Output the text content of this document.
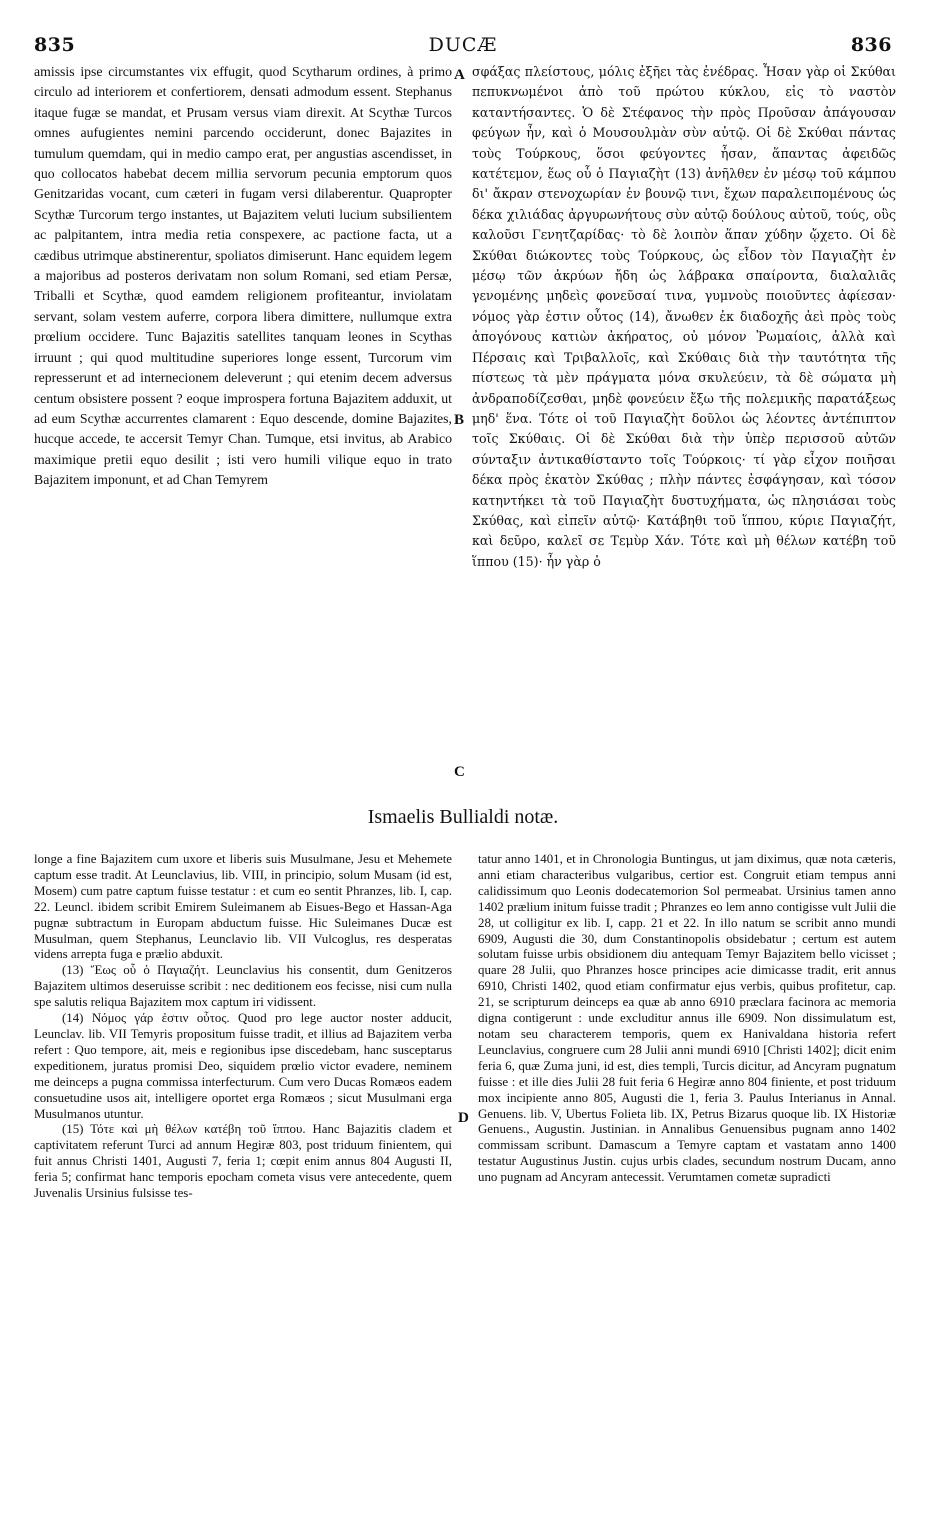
835	DUCÆ	836

amissis ipse circumstantes vix effugit, quod Scytharum ordines, à primo circulo ad interiorem et confertiorem, densati admodum essent. Stephanus itaque fugæ se mandat, et Prusam versus viam direxit. At Scythæ Turcos omnes aufugientes nemini parcendo occiderunt, donec Bajazites in tumulum quemdam, qui in medio campo erat, per angustias ascendisset, in quo collocatos habebat decem millia servorum pecunia emptorum quos Genitzaridas vocant, cum cæteri in fugam versi dilaberentur. Quapropter Scythæ Turcorum tergo instantes, ut Bajazitem veluti lucium subsilientem ac palpitantem, intra media retia conspexere, ac pactione facta, ut a cædibus utrimque abstinerentur, spoliatos dimiserunt. Hanc equidem legem a majoribus ad posteros derivatam non solum Romani, sed etiam Persæ, Triballi et Scythæ, quod eamdem religionem profiteantur, inviolatam servant, solam vestem auferre, corpora libera dimittere, nullumque extra prœlium occidere. Tunc Bajazitis satellites tanquam leones in Scythas irruunt ; qui quod multitudine superiores longe essent, Turcorum vim represserunt et ad internecionem deleverunt ; qui etenim decem adversus centum obsistere possent ? eoque improspera fortuna Bajazitem adduxit, ut ad eum Scythæ accurrentes clamarent : Equo descende, domine Bajazites, hucque accede, te accersit Temyr Chan. Tumque, etsi invitus, ab Arabico maximique pretii equo desilit ; isti vero humili vilique equo in trato Bajazitem imponunt, et ad Chan Temyrem

σφάξας πλείστους, μόλις ἐξῆει τὰς ἐνέδρας. Ἦσαν γὰρ οἱ Σκύθαι πεπυκνωμένοι ἀπὸ τοῦ πρώτου κύκλου, εἰς τὸ ναστὸν καταντήσαντες. Ὁ δὲ Στέφανος τὴν πρὸς Προῦσαν ἀπάγουσαν φεύγων ἦν, καὶ ὁ Μουσουλμὰν σὺν αὐτῷ. Οἱ δὲ Σκύθαι πάντας τοὺς Τούρκους, ὅσοι φεύγοντες ἦσαν, ἅπαντας ἀφειδῶς κατέτεμον, ἕως οὗ ὁ Παγιαζὴτ (13) ἀνῆλθεν ἐν μέσῳ τοῦ κάμπου δι' ἄκραν στενοχωρίαν ἐν βουνῷ τινι, ἔχων παραλειπομένους ὡς δέκα χιλιάδας ἀργυρωνήτους σὺν αὐτῷ δούλους αὐτοῦ, τούς, οὓς καλοῦσι Γενητζαρίδας· τὸ δὲ λοιπὸν ἅπαν χύδην ᾤχετο. Οἱ δὲ Σκύθαι διώκοντες τοὺς Τούρκους, ὡς εἶδον τὸν Παγιαζὴτ ἐν μέσῳ τῶν ἀκρύων ἤδη ὡς λάβρακα σπαίροντα, διαλαλιᾶς γενομένης μηδεὶς φονεῦσαί τινα, γυμνοὺς ποιοῦντες ἀφίεσαν· νόμος γὰρ ἐστιν οὗτος (14), ἄνωθεν ἐκ διαδοχῆς ἀεὶ πρὸς τοὺς ἀπογόνους κατιὼν ἀκήρατος, οὐ μόνον Ῥωμαίοις, ἀλλὰ καὶ Πέρσαις καὶ Τριβαλλοῖς, καὶ Σκύθαις διὰ τὴν ταυτότητα τῆς πίστεως τὰ μὲν πράγματα μόνα σκυλεύειν, τὰ δὲ σώματα μὴ ἀνδραποδίζεσθαι, μηδὲ φονεύειν ἔξω τῆς πολεμικῆς παρατάξεως μηδ' ἕνα. Τότε οἱ τοῦ Παγιαζὴτ δοῦλοι ὡς λέοντες ἀντέπιπτον τοῖς Σκύθαις. Οἱ δὲ Σκύθαι διὰ τὴν ὑπὲρ περισσοῦ αὐτῶν σύνταξιν ἀντικαθίσταντο τοῖς Τούρκοις· τί γὰρ εἶχον ποιῆσαι δέκα πρὸς ἑκατὸν Σκύθας ; πλὴν πάντες ἐσφάγησαν, καὶ τόσον κατηντήκει τὰ τοῦ Παγιαζὴτ δυστυχήματα, ὡς πλησιάσαι τοὺς Σκύθας, καὶ εἰπεῖν αὐτῷ· Κατάβηθι τοῦ ἵππου, κύριε Παγιαζήτ, καὶ δεῦρο, καλεῖ σε Τεμὺρ Χάν. Τότε καὶ μὴ θέλων κατέβη τοῦ ἵππου (15)· ἦν γὰρ ὁ

A
B
C
D
Ismaelis Bullialdi notæ.

longe a fine Bajazitem cum uxore et liberis suis Musulmane, Jesu et Mehemete captum esse tradit. At Leunclavius, lib. VIII, in principio, solum Musam (id est, Mosem) cum patre captum fuisse testatur : et cum eo sentit Phranzes, lib. I, cap. 22. Leuncl. ibidem scribit Emirem Suleimanem ab Eisues-Bego et Hassan-Aga pugnæ subtractum in Europam abductum fuisse. Hic Suleimanes Ducæ est Musulman, quem Stephanus, Leunclavio lib. VII Vulcoglus, res desperatas videns arrepta fuga e prælio abduxit.

(13) Ἕως οὗ ὁ Παγιαζήτ. Leunclavius his consentit, dum Genitzeros Bajazitem ultimos deseruisse scribit : nec deditionem eos fecisse, nisi cum nulla spe salutis reliqua Bajazitem mox captum iri vidissent.

(14) Νόμος γάρ ἐστιν οὗτος. Quod pro lege auctor noster adducit, Leunclav. lib. VII Temyris propositum fuisse tradit, et illius ad Bajazitem verba refert : Quo tempore, ait, meis e regionibus ipse discedebam, hanc susceptarus expeditionem, juratus promisi Deo, siquidem prœlio victor evadere, neminem me deinceps a pugna commissa interfecturum. Cum vero Ducas Romæos eadem consuetudine usos ait, intelligere oportet erga Romæos ; sicut Musulmani erga Musulmanos utuntur.

(15) Τότε καὶ μὴ θέλων κατέβη τοῦ ἵππου. Hanc Bajazitis cladem et captivitatem referunt Turci ad annum Hegiræ 803, post triduum finientem, qui fuit annus Christi 1401, Augusti 7, feria 1; cœpit enim annus 804 Augusti II, feria 5; confirmat hanc temporis epocham cometa visus vere antecedente, quem Juvenalis Ursinius fulsisse tes-

tatur anno 1401, et in Chronologia Buntingus, ut jam diximus, quæ nota cæteris, anni etiam characteribus vulgaribus, certior est. Congruit etiam tempus anni calidissimum quo Leonis dodecatemorion Sol permeabat. Ursinius tamen anno 1402 prælium initum fuisse tradit ; Phranzes eo lem anno contigisse vult Julii die 28, ut colligitur ex lib. I, capp. 21 et 22. In illo natum se scribit anno mundi 6909, Augusti die 30, dum Constantinopolis obsidebatur ; certum est autem solutam fuisse urbis obsidionem diu antequam Temyr Bajazitem bello vicisset ; quare 28 Julii, quo Phranzes hosce principes acie dimicasse tradit, erit annus 6910, Christi 1402, quod etiam confirmatur ejus verbis, quibus profitetur, cap. 21, se scripturum deinceps ea quæ ab anno 6910 præclara facinora ac memoria digna contigerunt : unde excluditur annus ille 6909. Non dissimulatum est, notam seu characterem temporis, quem ex Hanivaldana historia refert Leunclavius, congruere cum 28 Julii anni mundi 6910 [Christi 1402]; dicit enim feria 6, quæ Zuma juni, id est, dies templi, Turcis dicitur, ad Ancyram pugnatum fuisse : et ille dies Julii 28 fuit feria 6 Hegiræ anno 804 finiente, et post triduum mox incipiente anno 805, Augusti die 1, feria 3. Paulus Interianus in Annal. Genuens. lib. V, Ubertus Folieta lib. IX, Petrus Bizarus quoque lib. IX Historiæ Genuens., Augustin. Justinian. in Annalibus Genuensibus pugnam anno 1402 commissam scribunt. Damascum a Temyre captam et vastatam anno 1400 testatur Augustinus Justin. cujus urbis clades, secundum nostrum Ducam, anno uno pugnam ad Ancyram antecessit. Verumtamen cometæ supradicti
